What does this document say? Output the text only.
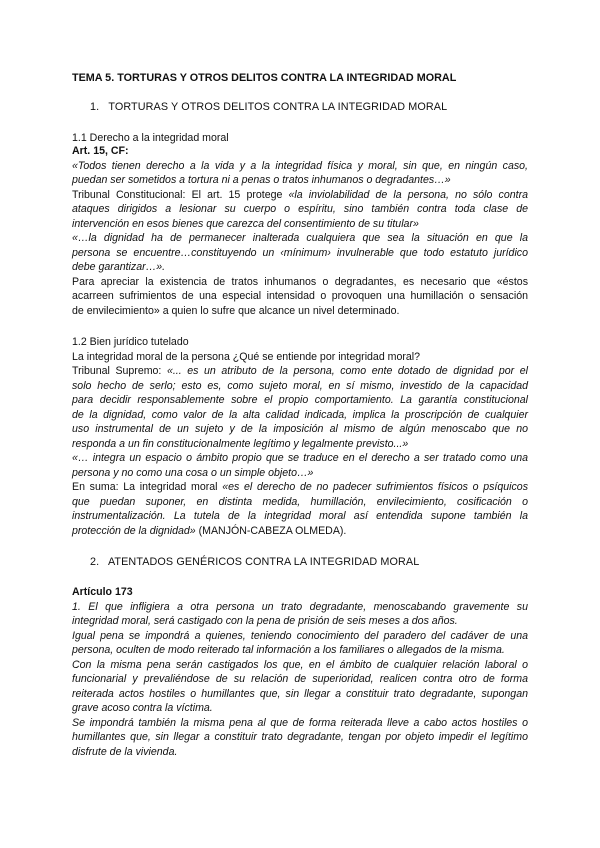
TEMA 5. TORTURAS Y OTROS DELITOS CONTRA LA INTEGRIDAD MORAL
1. TORTURAS Y OTROS DELITOS CONTRA LA INTEGRIDAD MORAL
1.1 Derecho a la integridad moral
Art. 15, CF:
«Todos tienen derecho a la vida y a la integridad física y moral, sin que, en ningún caso,
puedan ser sometidos a tortura ni a penas o tratos inhumanos o degradantes…»
Tribunal Constitucional: El art. 15 protege «la inviolabilidad de la persona, no sólo contra
ataques dirigidos a lesionar su cuerpo o espíritu, sino también contra toda clase de
intervención en esos bienes que carezca del consentimiento de su titular»
«…la dignidad ha de permanecer inalterada cualquiera que sea la situación en que la
persona se encuentre…constituyendo un ‹mínimum› invulnerable que todo estatuto jurídico
debe garantizar…».
Para apreciar la existencia de tratos inhumanos o degradantes, es necesario que «éstos
acarreen sufrimientos de una especial intensidad o provoquen una humillación o sensación
de envilecimiento» a quien lo sufre que alcance un nivel determinado.
1.2 Bien jurídico tutelado
La integridad moral de la persona ¿Qué se entiende por integridad moral?
Tribunal Supremo: «... es un atributo de la persona, como ente dotado de dignidad por el
solo hecho de serlo; esto es, como sujeto moral, en sí mismo, investido de la capacidad
para decidir responsablemente sobre el propio comportamiento. La garantía constitucional
de la dignidad, como valor de la alta calidad indicada, implica la proscripción de cualquier
uso instrumental de un sujeto y de la imposición al mismo de algún menoscabo que no
responda a un fin constitucionalmente legítimo y legalmente previsto...»
«… integra un espacio o ámbito propio que se traduce en el derecho a ser tratado como una
persona y no como una cosa o un simple objeto…»
En suma: La integridad moral «es el derecho de no padecer sufrimientos físicos o psíquicos
que puedan suponer, en distinta medida, humillación, envilecimiento, cosificación o
instrumentalización. La tutela de la integridad moral así entendida supone también la
protección de la dignidad» (MANJÓN-CABEZA OLMEDA).
2. ATENTADOS GENÉRICOS CONTRA LA INTEGRIDAD MORAL
Artículo 173
1. El que infligiera a otra persona un trato degradante, menoscabando gravemente su
integridad moral, será castigado con la pena de prisión de seis meses a dos años.
Igual pena se impondrá a quienes, teniendo conocimiento del paradero del cadáver de una
persona, oculten de modo reiterado tal información a los familiares o allegados de la misma.
Con la misma pena serán castigados los que, en el ámbito de cualquier relación laboral o
funcionarial y prevaliéndose de su relación de superioridad, realicen contra otro de forma
reiterada actos hostiles o humillantes que, sin llegar a constituir trato degradante, supongan
grave acoso contra la víctima.
Se impondrá también la misma pena al que de forma reiterada lleve a cabo actos hostiles o
humillantes que, sin llegar a constituir trato degradante, tengan por objeto impedir el legítimo
disfrute de la vivienda.
